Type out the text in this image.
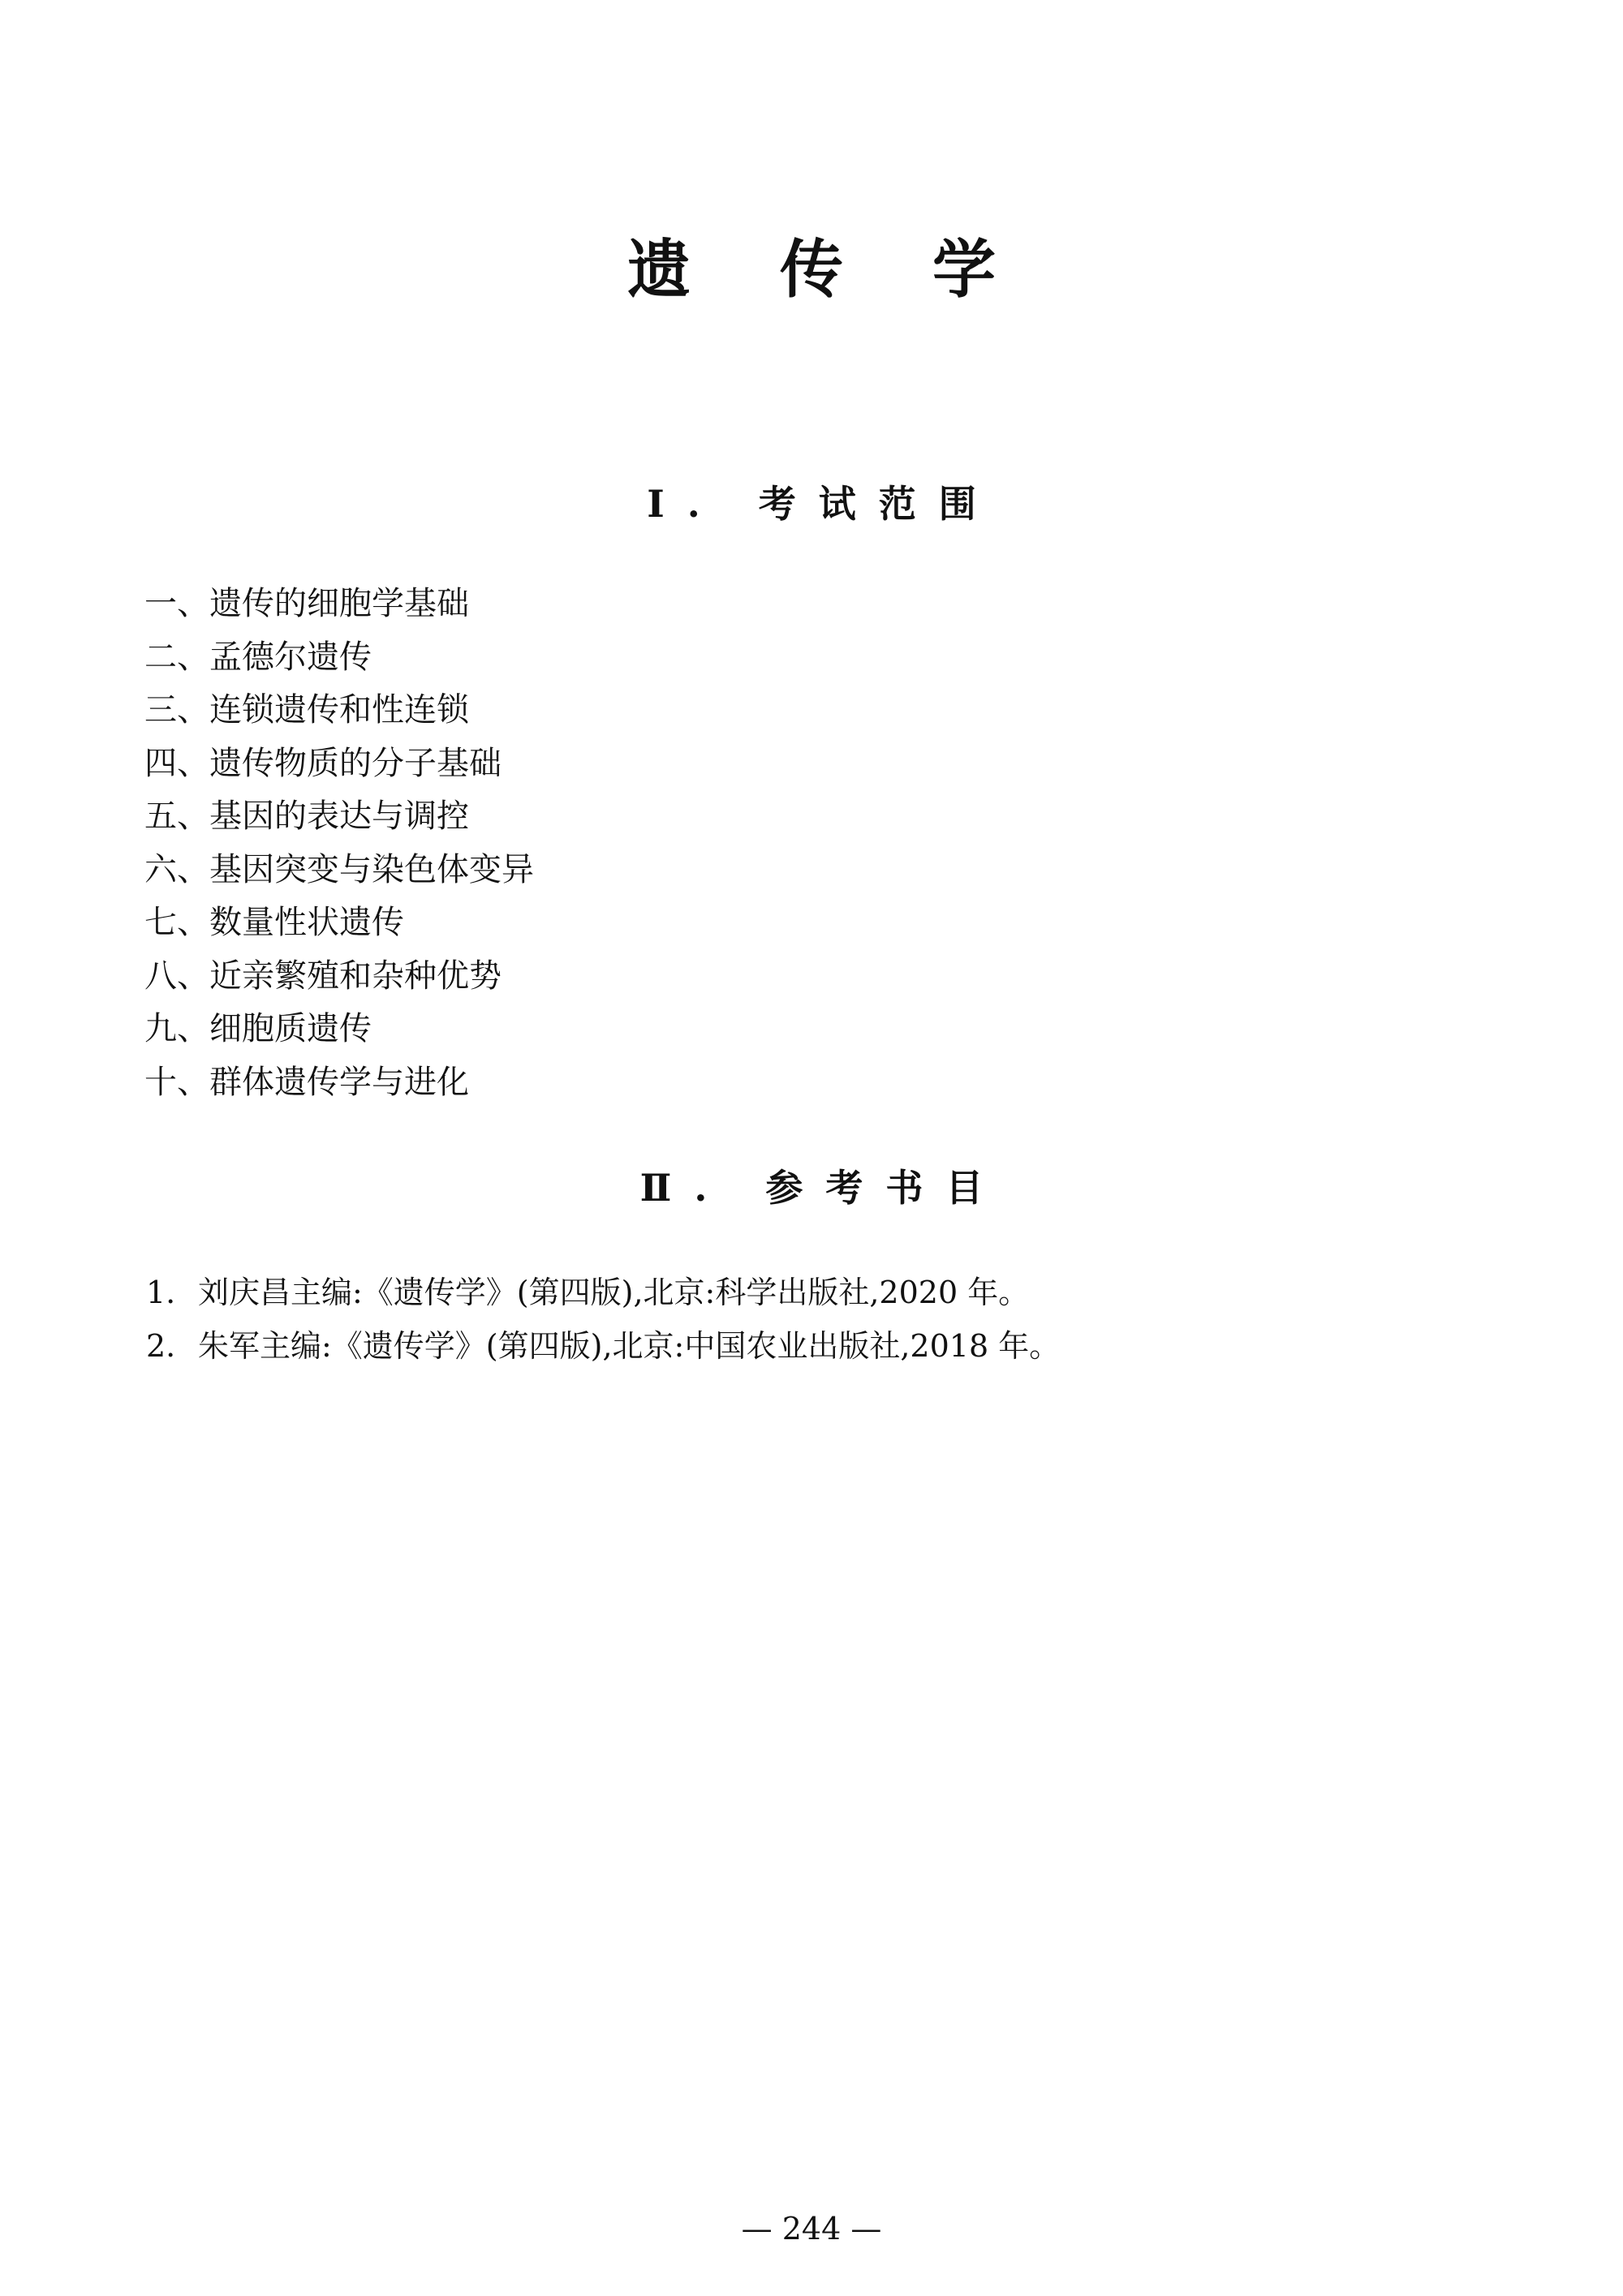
遗传学
Ⅰ. 考试范围
一、遗传的细胞学基础
二、孟德尔遗传
三、连锁遗传和性连锁
四、遗传物质的分子基础
五、基因的表达与调控
六、基因突变与染色体变异
七、数量性状遗传
八、近亲繁殖和杂种优势
九、细胞质遗传
十、群体遗传学与进化
Ⅱ. 参考书目
1. 刘庆昌主编:《遗传学》(第四版),北京:科学出版社,2020 年。
2. 朱军主编:《遗传学》(第四版),北京:中国农业出版社,2018 年。
— 244 —
